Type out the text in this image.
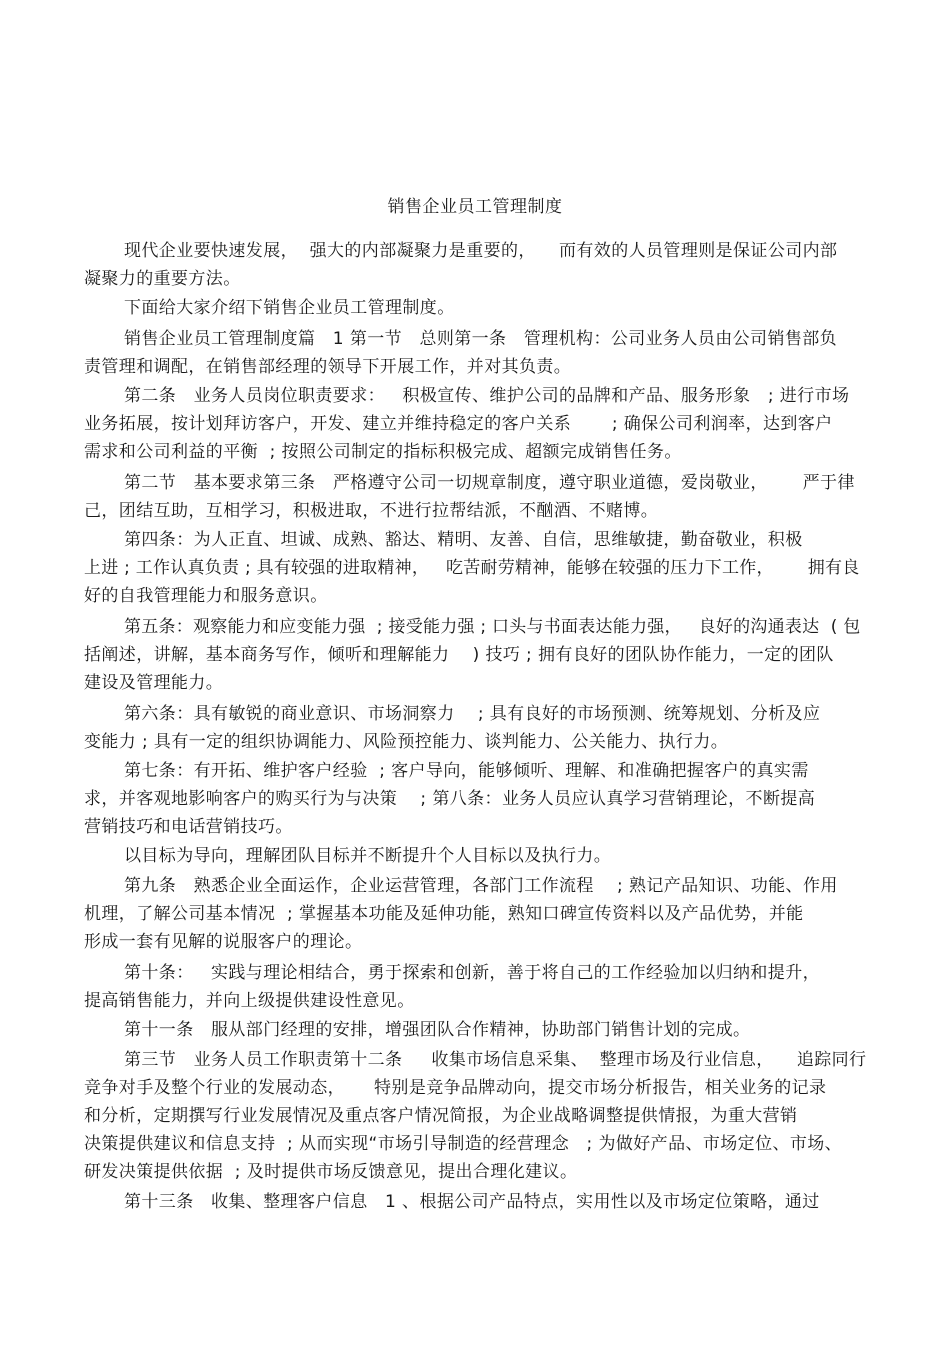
销售企业员工管理制度
现代企业要快速发展，  强大的内部凝聚力是重要的，    而有效的人员管理则是保证公司内部
凝聚力的重要方法。
下面给大家介绍下销售企业员工管理制度。
销售企业员工管理制度篇   1 第一节   总则第一条   管理机构：公司业务人员由公司销售部负
责管理和调配，在销售部经理的领导下开展工作，并对其负责。
第二条   业务人员岗位职责要求：   积极宣传、维护公司的品牌和产品、服务形象   ; 进行市场
业务拓展，按计划拜访客户，开发、建立并维持稳定的客户关系       ; 确保公司利润率，达到客户
需求和公司利益的平衡  ; 按照公司制定的指标积极完成、超额完成销售任务。
第二节   基本要求第三条   严格遵守公司一切规章制度，遵守职业道德，爱岗敬业，      严于律
己，团结互助，互相学习，积极进取，不进行拉帮结派，不酗酒、不赌博。
第四条：为人正直、坦诚、成熟、豁达、精明、友善、自信，思维敏捷，勤奋敬业，积极
上进 ; 工作认真负责 ; 具有较强的进取精神，   吃苦耐劳精神，能够在较强的压力下工作，      拥有良
好的自我管理能力和服务意识。
第五条：观察能力和应变能力强  ; 接受能力强 ; 口头与书面表达能力强，   良好的沟通表达  ( 包
括阐述，讲解，基本商务写作，倾听和理解能力    ) 技巧 ; 拥有良好的团队协作能力，一定的团队
建设及管理能力。
第六条：具有敏锐的商业意识、市场洞察力    ; 具有良好的市场预测、统筹规划、分析及应
变能力 ; 具有一定的组织协调能力、风险预控能力、谈判能力、公关能力、执行力。
第七条：有开拓、维护客户经验  ; 客户导向，能够倾听、理解、和准确把握客户的真实需
求，并客观地影响客户的购买行为与决策    ; 第八条：业务人员应认真学习营销理论，不断提高
营销技巧和电话营销技巧。
以目标为导向，理解团队目标并不断提升个人目标以及执行力。
第九条   熟悉企业全面运作，企业运营管理，各部门工作流程    ; 熟记产品知识、功能、作用
机理，了解公司基本情况  ; 掌握基本功能及延伸功能，熟知口碑宣传资料以及产品优势，并能
形成一套有见解的说服客户的理论。
第十条：   实践与理论相结合，勇于探索和创新，善于将自己的工作经验加以归纳和提升，
提高销售能力，并向上级提供建设性意见。
第十一条   服从部门经理的安排，增强团队合作精神，协助部门销售计划的完成。
第三节   业务人员工作职责第十二条     收集市场信息采集、  整理市场及行业信息，    追踪同行
竞争对手及整个行业的发展动态，     特别是竞争品牌动向，提交市场分析报告，相关业务的记录
和分析，定期撰写行业发展情况及重点客户情况简报，为企业战略调整提供情报，为重大营销
决策提供建议和信息支持  ; 从而实现“市场引导制造的经营理念   ; 为做好产品、市场定位、市场、
研发决策提供依据  ; 及时提供市场反馈意见，提出合理化建议。
第十三条   收集、整理客户信息   1 、根据公司产品特点，实用性以及市场定位策略，通过
